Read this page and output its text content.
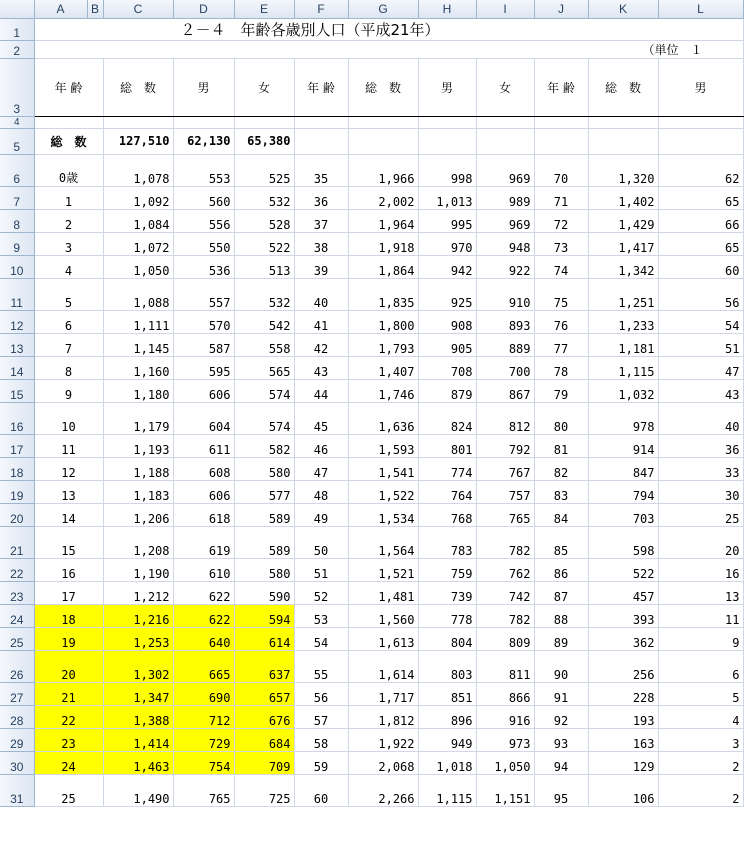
	A	B	C	D	E	F	G	H	I	J	K	L
1	２－４　年齢各歳別人口（平成21年）											
2	（単位　１											
3	年 齢		総　数	男	女	年 齢	総　数	男	女	年 齢	総　数	男
4												
5	総　数		127,510	62,130	65,380							
6	0歳		1,078	553	525	35	1,966	998	969	70	1,320	62
7	1		1,092	560	532	36	2,002	1,013	989	71	1,402	65
8	2		1,084	556	528	37	1,964	995	969	72	1,429	66
9	3		1,072	550	522	38	1,918	970	948	73	1,417	65
10	4		1,050	536	513	39	1,864	942	922	74	1,342	60
11	5		1,088	557	532	40	1,835	925	910	75	1,251	56
12	6		1,111	570	542	41	1,800	908	893	76	1,233	54
13	7		1,145	587	558	42	1,793	905	889	77	1,181	51
14	8		1,160	595	565	43	1,407	708	700	78	1,115	47
15	9		1,180	606	574	44	1,746	879	867	79	1,032	43
16	10		1,179	604	574	45	1,636	824	812	80	978	40
17	11		1,193	611	582	46	1,593	801	792	81	914	36
18	12		1,188	608	580	47	1,541	774	767	82	847	33
19	13		1,183	606	577	48	1,522	764	757	83	794	30
20	14		1,206	618	589	49	1,534	768	765	84	703	25
21	15		1,208	619	589	50	1,564	783	782	85	598	20
22	16		1,190	610	580	51	1,521	759	762	86	522	16
23	17		1,212	622	590	52	1,481	739	742	87	457	13
24	18		1,216	622	594	53	1,560	778	782	88	393	11
25	19		1,253	640	614	54	1,613	804	809	89	362	9
26	20		1,302	665	637	55	1,614	803	811	90	256	6
27	21		1,347	690	657	56	1,717	851	866	91	228	5
28	22		1,388	712	676	57	1,812	896	916	92	193	4
29	23		1,414	729	684	58	1,922	949	973	93	163	3
30	24		1,463	754	709	59	2,068	1,018	1,050	94	129	2
31	25		1,490	765	725	60	2,266	1,115	1,151	95	106	2
